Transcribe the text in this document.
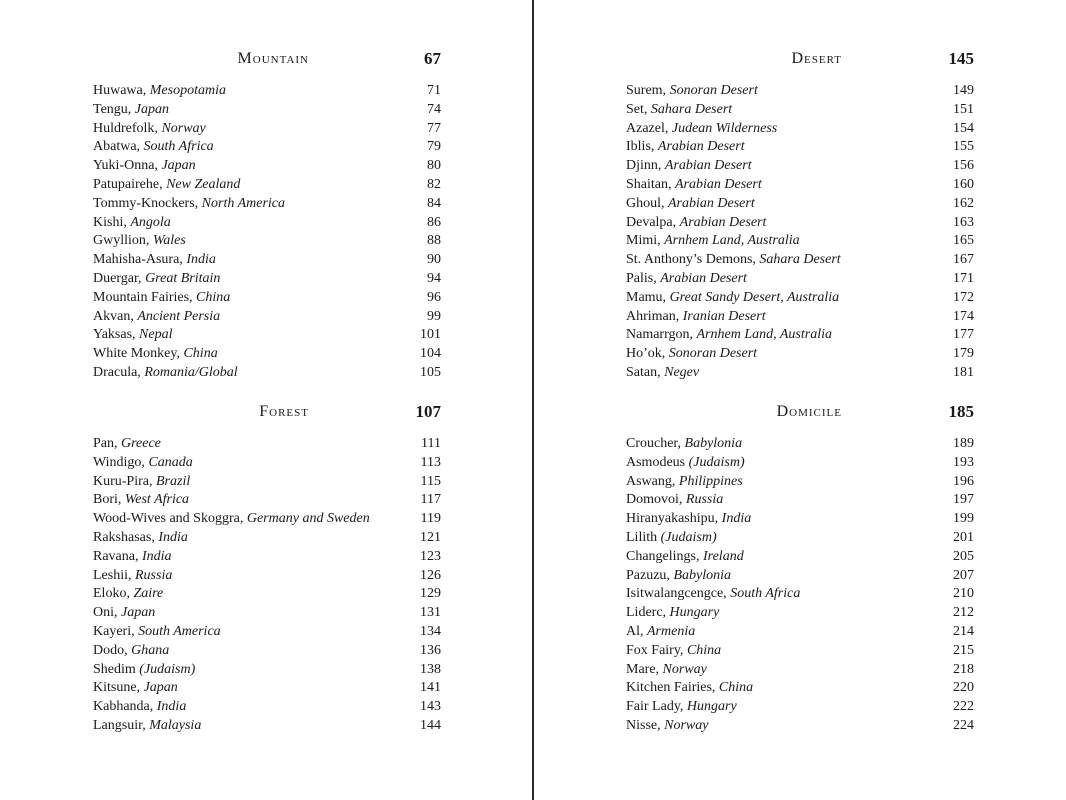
Mountain	67
Huwawa, Mesopotamia	71
Tengu, Japan	74
Huldrefolk, Norway	77
Abatwa, South Africa	79
Yuki-Onna, Japan	80
Patupairehe, New Zealand	82
Tommy-Knockers, North America	84
Kishi, Angola	86
Gwyllion, Wales	88
Mahisha-Asura, India	90
Duergar, Great Britain	94
Mountain Fairies, China	96
Akvan, Ancient Persia	99
Yaksas, Nepal	101
White Monkey, China	104
Dracula, Romania/Global	105
Forest	107
Pan, Greece	111
Windigo, Canada	113
Kuru-Pira, Brazil	115
Bori, West Africa	117
Wood-Wives and Skoggra, Germany and Sweden	119
Rakshasas, India	121
Ravana, India	123
Leshii, Russia	126
Eloko, Zaire	129
Oni, Japan	131
Kayeri, South America	134
Dodo, Ghana	136
Shedim (Judaism)	138
Kitsune, Japan	141
Kabhanda, India	143
Langsuir, Malaysia	144
Desert	145
Surem, Sonoran Desert	149
Set, Sahara Desert	151
Azazel, Judean Wilderness	154
Iblis, Arabian Desert	155
Djinn, Arabian Desert	156
Shaitan, Arabian Desert	160
Ghoul, Arabian Desert	162
Devalpa, Arabian Desert	163
Mimi, Arnhem Land, Australia	165
St. Anthony’s Demons, Sahara Desert	167
Palis, Arabian Desert	171
Mamu, Great Sandy Desert, Australia	172
Ahriman, Iranian Desert	174
Namarrgon, Arnhem Land, Australia	177
Ho’ok, Sonoran Desert	179
Satan, Negev	181
Domicile	185
Croucher, Babylonia	189
Asmodeus (Judaism)	193
Aswang, Philippines	196
Domovoi, Russia	197
Hiranyakashipu, India	199
Lilith (Judaism)	201
Changelings, Ireland	205
Pazuzu, Babylonia	207
Isitwalangcengce, South Africa	210
Liderc, Hungary	212
Al, Armenia	214
Fox Fairy, China	215
Mare, Norway	218
Kitchen Fairies, China	220
Fair Lady, Hungary	222
Nisse, Norway	224
